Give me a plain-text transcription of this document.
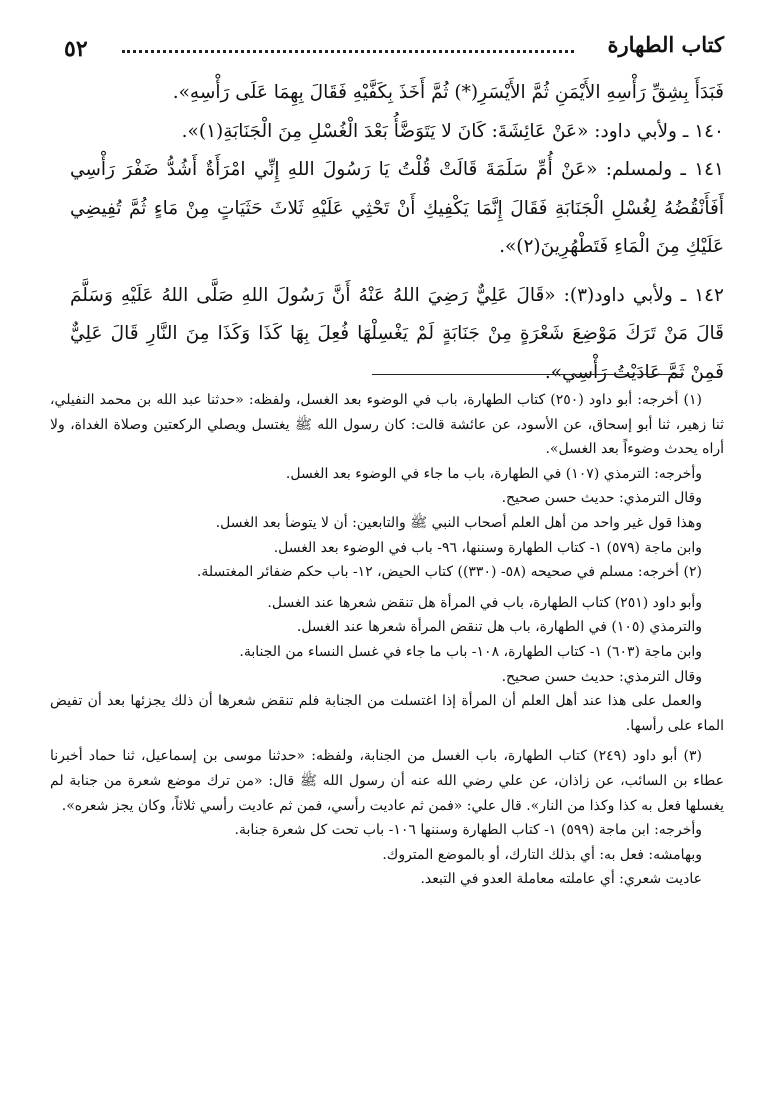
كتاب الطهارة
٥٢

فَبَدَأَ بِشِقِّ رَأْسِهِ الأَيْمَنِ ثُمَّ الأَيْسَرِ(*) ثُمَّ أَخَذَ بِكَفَّيْهِ فَقَالَ بِهِمَا عَلَى رَأْسِهِ».

١٤٠ ـ ولأبي داود: «عَنْ عَائِشَةَ: كَانَ لا يَتَوَضَّأُ بَعْدَ الْغُسْلِ مِنَ الْجَنَابَةِ(١)».

١٤١ ـ ولمسلم: «عَنْ أُمِّ سَلَمَةَ قَالَتْ قُلْتُ يَا رَسُولَ اللهِ إِنِّي امْرَأَةٌ أَشُدُّ ضَفْرَ رَأْسِي أَفَأَنْقُضُهُ لِغُسْلِ الْجَنَابَةِ فَقَالَ إِنَّمَا يَكْفِيكِ أَنْ تَحْثِي عَلَيْهِ ثَلاثَ حَثَيَاتٍ مِنْ مَاءٍ ثُمَّ تُفِيضِي عَلَيْكِ مِنَ الْمَاءِ فَتَطْهُرِينَ(٢)».

١٤٢ ـ ولأبي داود(٣): «قَالَ عَلِيٌّ رَضِيَ اللهُ عَنْهُ أَنَّ رَسُولَ اللهِ صَلَّى اللهُ عَلَيْهِ وَسَلَّمَ قَالَ مَنْ تَرَكَ مَوْضِعَ شَعْرَةٍ مِنْ جَنَابَةٍ لَمْ يَغْسِلْهَا فُعِلَ بِهَا كَذَا وَكَذَا مِنَ النَّارِ قَالَ عَلِيٌّ فَمِنْ ثَمَّ عَادَيْتُ رَأْسِي».

(١) أخرجه: أبو داود (٢٥٠) كتاب الطهارة، باب في الوضوء بعد الغسل، ولفظه: «حدثنا عبد الله بن محمد النفيلي، ثنا زهير، ثنا أبو إسحاق، عن الأسود، عن عائشة قالت: كان رسول الله ﷺ يغتسل ويصلي الركعتين وصلاة الغداة، ولا أراه يحدث وضوءاً بعد الغسل».

وأخرجه: الترمذي (١٠٧) في الطهارة، باب ما جاء في الوضوء بعد الغسل.

وقال الترمذي: حديث حسن صحيح.

وهذا قول غير واحد من أهل العلم أصحاب النبي ﷺ والتابعين: أن لا يتوضأ بعد الغسل.

وابن ماجة (٥٧٩) ١- كتاب الطهارة وسننها، ٩٦- باب في الوضوء بعد الغسل.

(٢) أخرجه: مسلم في صحيحه (٥٨- (٣٣٠)) كتاب الحيض، ١٢- باب حكم ضفائر المغتسلة.

وأبو داود (٢٥١) كتاب الطهارة، باب في المرأة هل تنقض شعرها عند الغسل.

والترمذي (١٠٥) في الطهارة، باب هل تنقض المرأة شعرها عند الغسل.

وابن ماجة (٦٠٣) ١- كتاب الطهارة، ١٠٨- باب ما جاء في غسل النساء من الجنابة.

وقال الترمذي: حديث حسن صحيح.

والعمل على هذا عند أهل العلم أن المرأة إذا اغتسلت من الجنابة فلم تنقض شعرها أن ذلك يجزئها بعد أن تفيض الماء على رأسها.

(٣) أبو داود (٢٤٩) كتاب الطهارة، باب الغسل من الجنابة، ولفظه: «حدثنا موسى بن إسماعيل، ثنا حماد أخبرنا عطاء بن السائب، عن زاذان، عن علي رضي الله عنه أن رسول الله ﷺ قال: «من ترك موضع شعرة من جنابة لم يغسلها فعل به كذا وكذا من النار». قال علي: «فمن ثم عاديت رأسي، فمن ثم عاديت رأسي ثلاثاً، وكان يجز شعره».

وأخرجه: ابن ماجة (٥٩٩) ١- كتاب الطهارة وسننها ١٠٦- باب تحت كل شعرة جنابة.

وبهامشه: فعل به: أي بذلك التارك، أو بالموضع المتروك.

عاديت شعري: أي عاملته معاملة العدو في التبعد.
